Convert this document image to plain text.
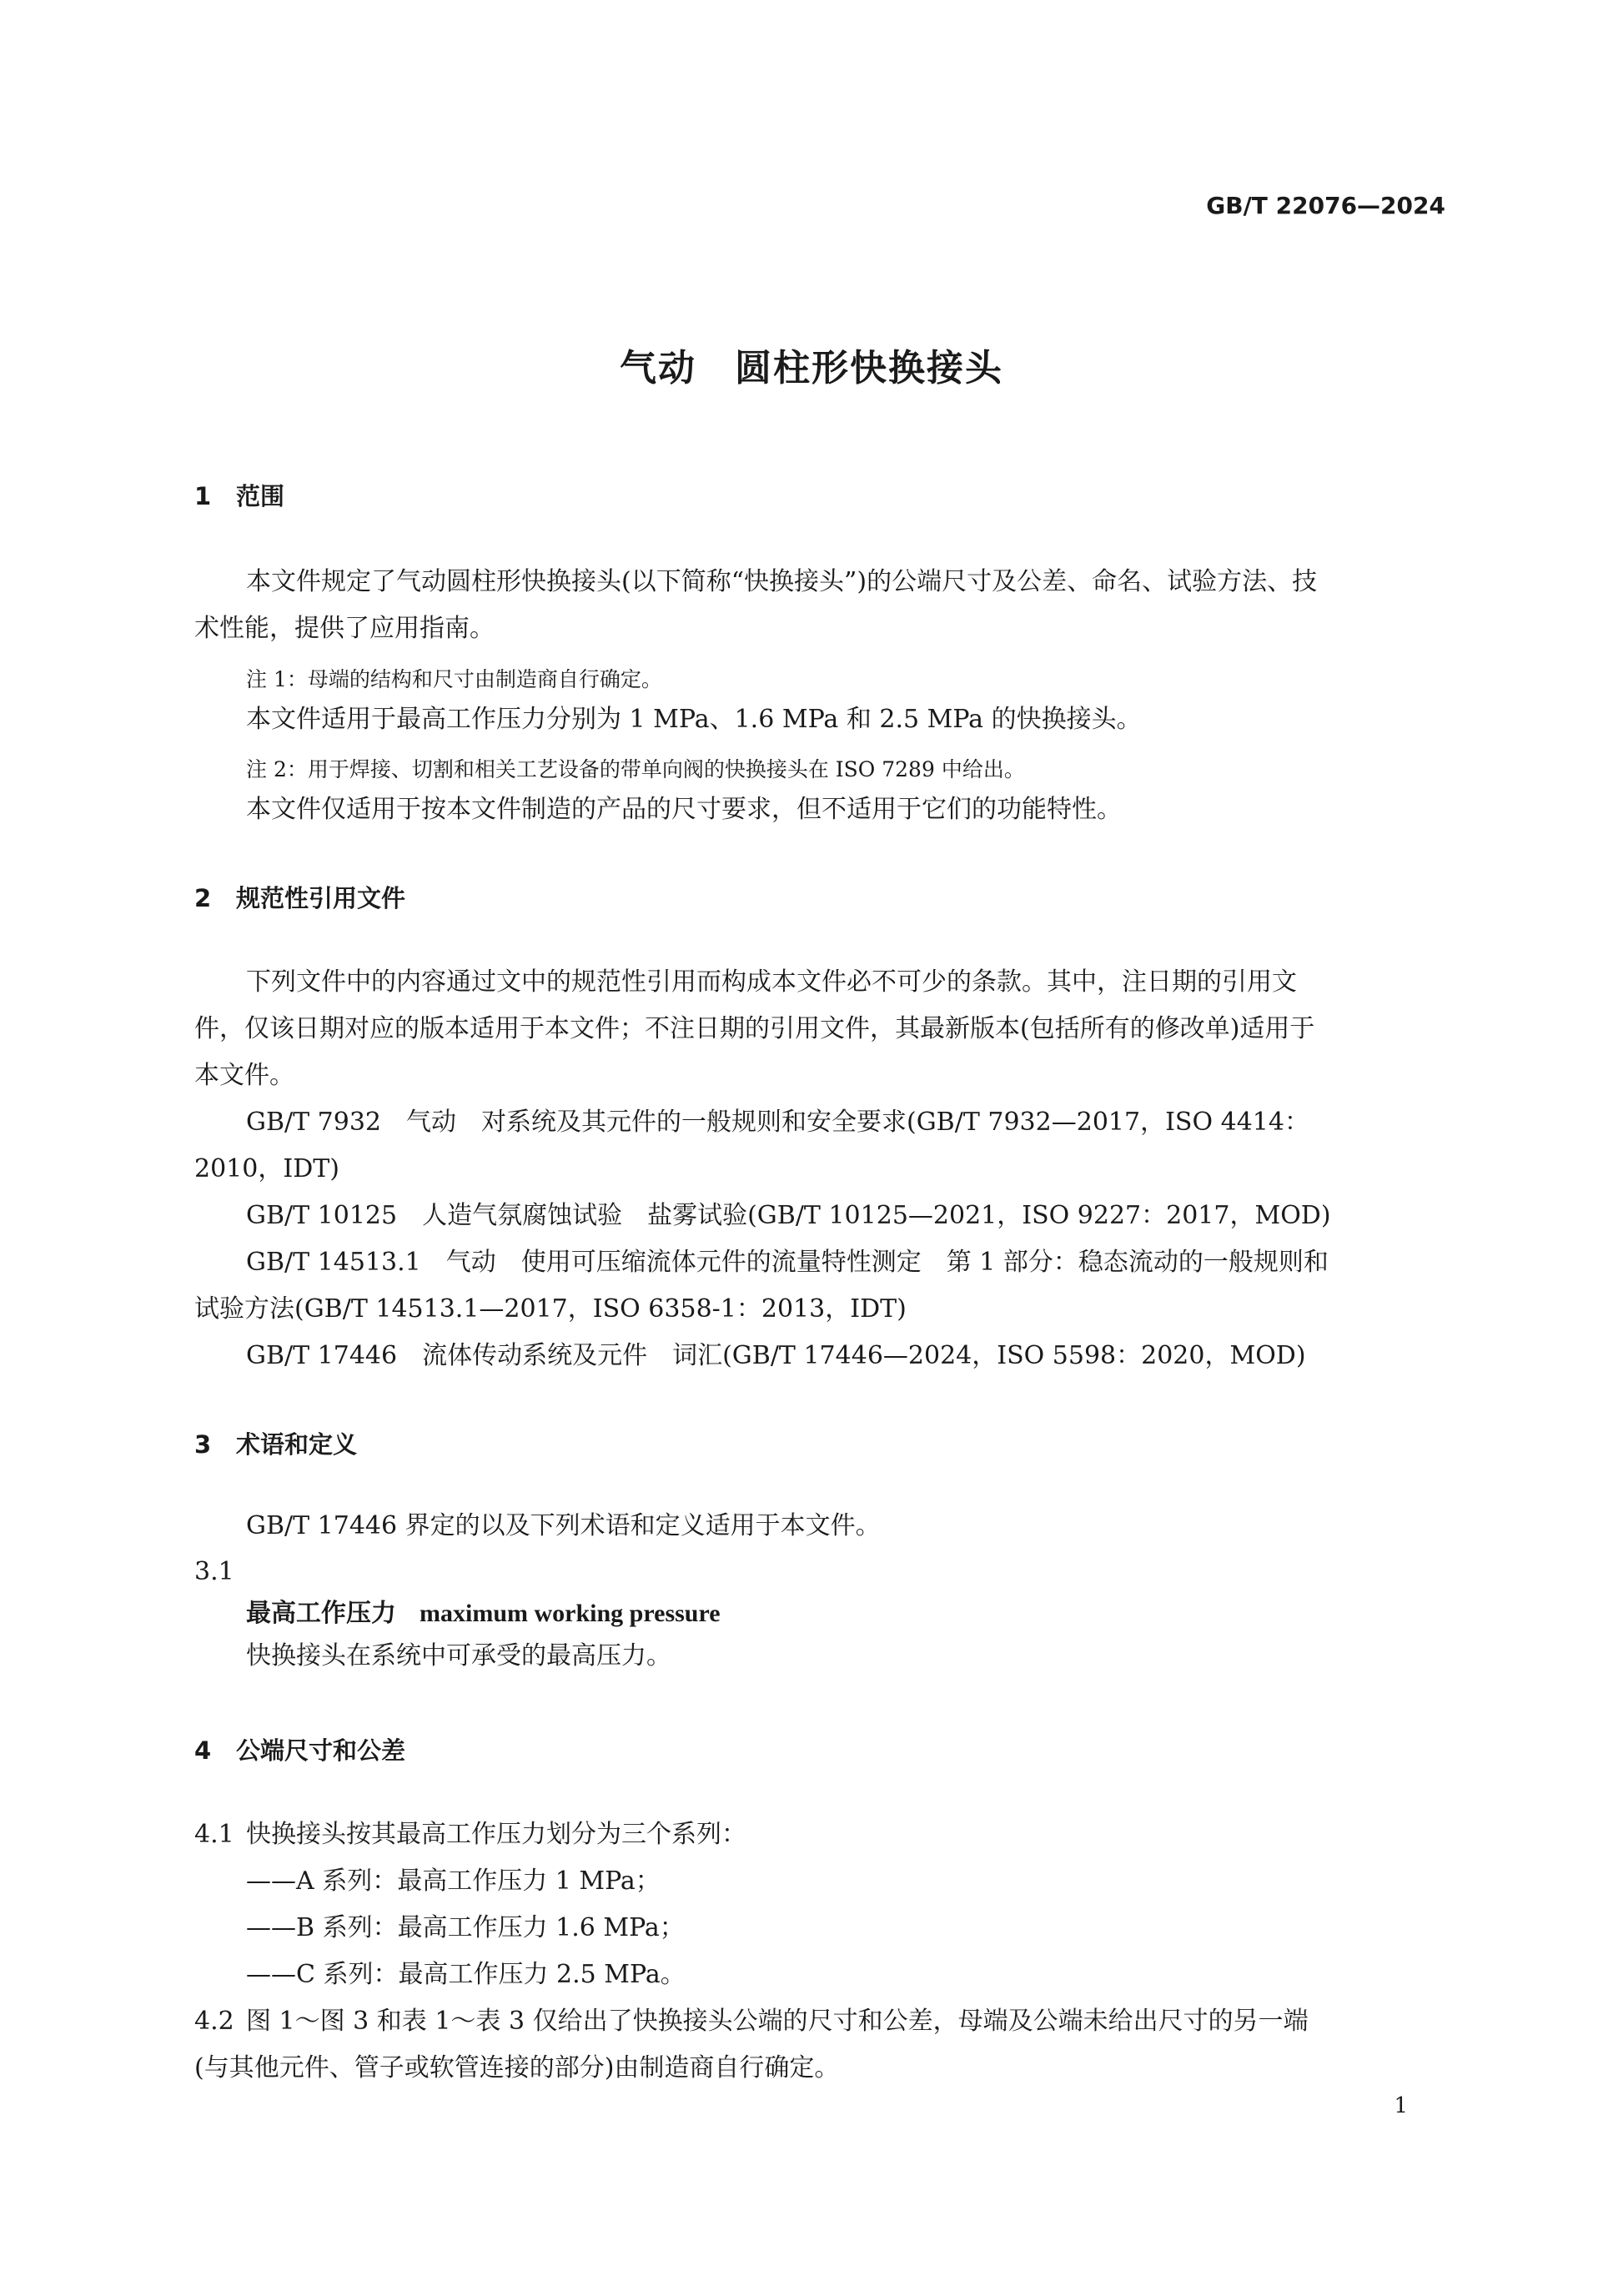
GB/T 22076—2024
气动　圆柱形快换接头
1 范围
本文件规定了气动圆柱形快换接头(以下简称“快换接头”)的公端尺寸及公差、命名、试验方法、技
术性能，提供了应用指南。
注 1：母端的结构和尺寸由制造商自行确定。
本文件适用于最高工作压力分别为 1 MPa、1.6 MPa 和 2.5 MPa 的快换接头。
注 2：用于焊接、切割和相关工艺设备的带单向阀的快换接头在 ISO 7289 中给出。
本文件仅适用于按本文件制造的产品的尺寸要求，但不适用于它们的功能特性。
2 规范性引用文件
下列文件中的内容通过文中的规范性引用而构成本文件必不可少的条款。其中，注日期的引用文
件，仅该日期对应的版本适用于本文件；不注日期的引用文件，其最新版本(包括所有的修改单)适用于
本文件。
GB/T 7932　气动　对系统及其元件的一般规则和安全要求(GB/T 7932—2017，ISO 4414：
2010，IDT)
GB/T 10125　人造气氛腐蚀试验　盐雾试验(GB/T 10125—2021，ISO 9227：2017，MOD)
GB/T 14513.1　气动　使用可压缩流体元件的流量特性测定　第 1 部分：稳态流动的一般规则和
试验方法(GB/T 14513.1—2017，ISO 6358-1：2013，IDT)
GB/T 17446　流体传动系统及元件　词汇(GB/T 17446—2024，ISO 5598：2020，MOD)
3 术语和定义
GB/T 17446 界定的以及下列术语和定义适用于本文件。
3.1
最高工作压力 maximum working pressure
快换接头在系统中可承受的最高压力。
4 公端尺寸和公差
4.1 快换接头按其最高工作压力划分为三个系列：
——A 系列：最高工作压力 1 MPa；
——B 系列：最高工作压力 1.6 MPa；
——C 系列：最高工作压力 2.5 MPa。
4.2 图 1～图 3 和表 1～表 3 仅给出了快换接头公端的尺寸和公差，母端及公端未给出尺寸的另一端
(与其他元件、管子或软管连接的部分)由制造商自行确定。
1
